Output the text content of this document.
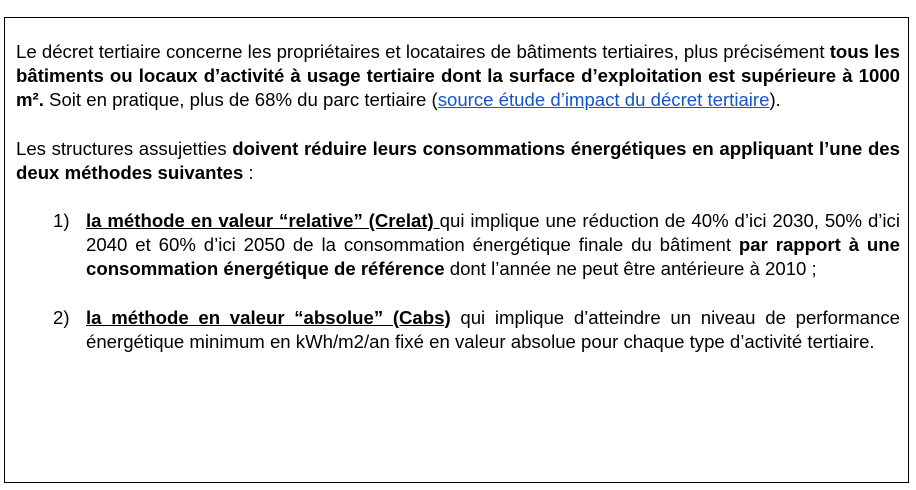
Le décret tertiaire concerne les propriétaires et locataires de bâtiments tertiaires, plus précisément tous les bâtiments ou locaux d’activité à usage tertiaire dont la surface d’exploitation est supérieure à 1000 m². Soit en pratique, plus de 68% du parc tertiaire (source étude d’impact du décret tertiaire).

Les structures assujetties doivent réduire leurs consommations énergétiques en appliquant l’une des deux méthodes suivantes :

1) la méthode en valeur “relative” (Crelat) qui implique une réduction de 40% d’ici 2030, 50% d’ici 2040 et 60% d’ici 2050 de la consommation énergétique finale du bâtiment par rapport à une consommation énergétique de référence dont l’année ne peut être antérieure à 2010 ;
2) la méthode en valeur “absolue” (Cabs) qui implique d’atteindre un niveau de performance énergétique minimum en kWh/m2/an fixé en valeur absolue pour chaque type d’activité tertiaire.
